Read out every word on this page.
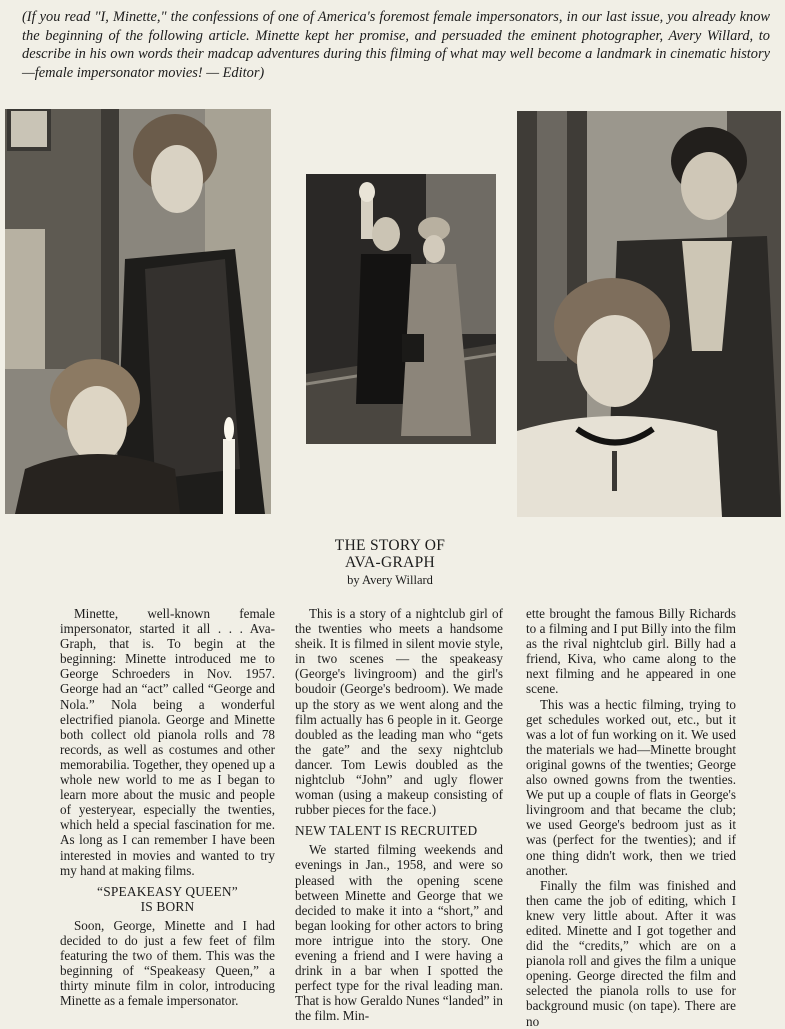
(If you read "I, Minette," the confessions of one of America's foremost female impersonators, in our last issue, you already know the beginning of the following article. Minette kept her promise, and persuaded the eminent photographer, Avery Willard, to describe in his own words their madcap adventures during this filming of what may well become a landmark in cinematic history—female impersonator movies! — Editor)

THE STORY OF
AVA-GRAPH
by Avery Willard

Minette, well-known female impersonator, started it all . . . Ava-Graph, that is. To begin at the beginning: Minette introduced me to George Schroeders in Nov. 1957. George had an “act” called “George and Nola.” Nola being a wonderful electrified pianola. George and Minette both collect old pianola rolls and 78 records, as well as costumes and other memorabilia. Together, they opened up a whole new world to me as I began to learn more about the music and people of yesteryear, especially the twenties, which held a special fascination for me. As long as I can remember I have been interested in movies and wanted to try my hand at making films.

“SPEAKEASY QUEEN”
IS BORN

Soon, George, Minette and I had decided to do just a few feet of film featuring the two of them. This was the beginning of “Speakeasy Queen,” a thirty minute film in color, introducing Minette as a female impersonator.

This is a story of a nightclub girl of the twenties who meets a handsome sheik. It is filmed in silent movie style, in two scenes — the speakeasy (George's livingroom) and the girl's boudoir (George's bedroom). We made up the story as we went along and the film actually has 6 people in it. George doubled as the leading man who “gets the gate” and the sexy nightclub dancer. Tom Lewis doubled as the nightclub “John” and ugly flower woman (using a makeup consisting of rubber pieces for the face.)

NEW TALENT IS RECRUITED

We started filming weekends and evenings in Jan., 1958, and were so pleased with the opening scene between Minette and George that we decided to make it into a “short,” and began looking for other actors to bring more intrigue into the story. One evening a friend and I were having a drink in a bar when I spotted the perfect type for the rival leading man. That is how Geraldo Nunes “landed” in the film. Min-

ette brought the famous Billy Richards to a filming and I put Billy into the film as the rival nightclub girl. Billy had a friend, Kiva, who came along to the next filming and he appeared in one scene.

This was a hectic filming, trying to get schedules worked out, etc., but it was a lot of fun working on it. We used the materials we had—Minette brought original gowns of the twenties; George also owned gowns from the twenties. We put up a couple of flats in George's livingroom and that became the club; we used George's bedroom just as it was (perfect for the twenties); and if one thing didn't work, then we tried another.

Finally the film was finished and then came the job of editing, which I knew very little about. After it was edited. Minette and I got together and did the “credits,” which are on a pianola roll and gives the film a unique opening. George directed the film and selected the pianola rolls to use for background music (on tape). There are no
